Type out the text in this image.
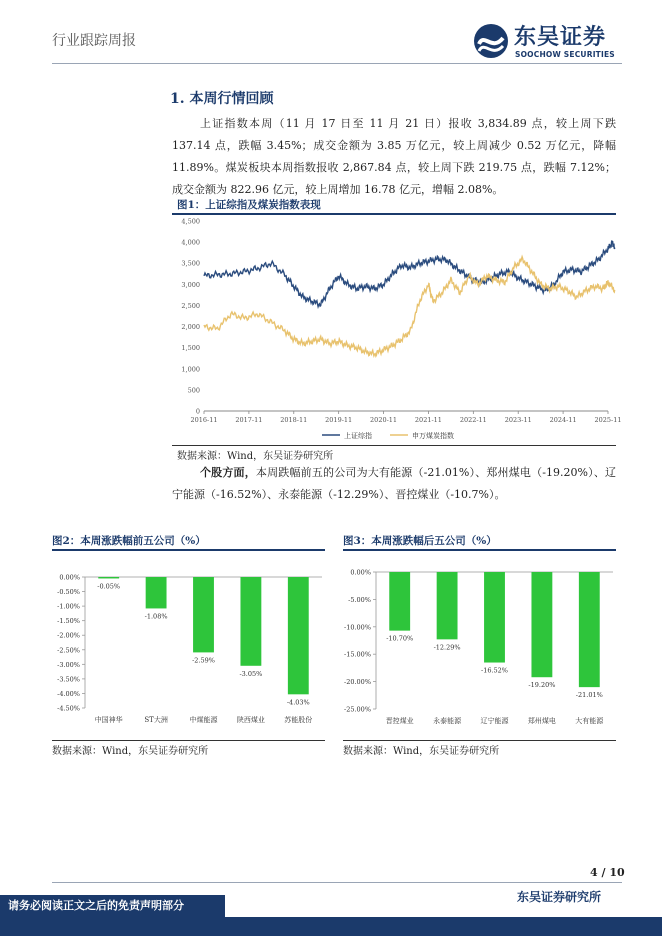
行业跟踪周报	东吴证券
SOOCHOW SECURITIES
1. 本周行情回顾
上证指数本周（11 月 17 日至 11 月 21 日）报收 3,834.89 点，较上周下跌 137.14 点，跌幅 3.45%；成交金额为 3.85 万亿元，较上周减少 0.52 万亿元，降幅 11.89%。煤炭板块本周指数报收 2,867.84 点，较上周下跌 219.75 点，跌幅 7.12%；成交金额为 822.96 亿元，较上周增加 16.78 亿元，增幅 2.08%。
图1：上证综指及煤炭指数表现
0
500
1,000
1,500
2,000
2,500
3,000
3,500
4,000
4,500
2016-11	2017-11	2018-11	2019-11	2020-11	2021-11	2022-11	2023-11	2024-11	2025-11
上证综指	申万煤炭指数
数据来源：Wind，东吴证券研究所
个股方面，本周跌幅前五的公司为大有能源（-21.01%）、郑州煤电（-19.20%）、辽宁能源（-16.52%）、永泰能源（-12.29%）、晋控煤业（-10.7%）。
图2：本周涨跌幅前五公司（%）
0.00%
-0.50%
-1.00%
-1.50%
-2.00%
-2.50%
-3.00%
-3.50%
-4.00%
-4.50%
-0.05%
中国神华
-1.08%
ST大洲
-2.59%
中煤能源
-3.05%
陕西煤业
-4.03%
苏能股份
数据来源：Wind，东吴证券研究所
图3：本周涨跌幅后五公司（%）
0.00%
-5.00%
-10.00%
-15.00%
-20.00%
-25.00%
-10.70%
晋控煤业
-12.29%
永泰能源
-16.52%
辽宁能源
-19.20%
郑州煤电
-21.01%
大有能源
数据来源：Wind，东吴证券研究所
4 / 10
东吴证券研究所
请务必阅读正文之后的免责声明部分
